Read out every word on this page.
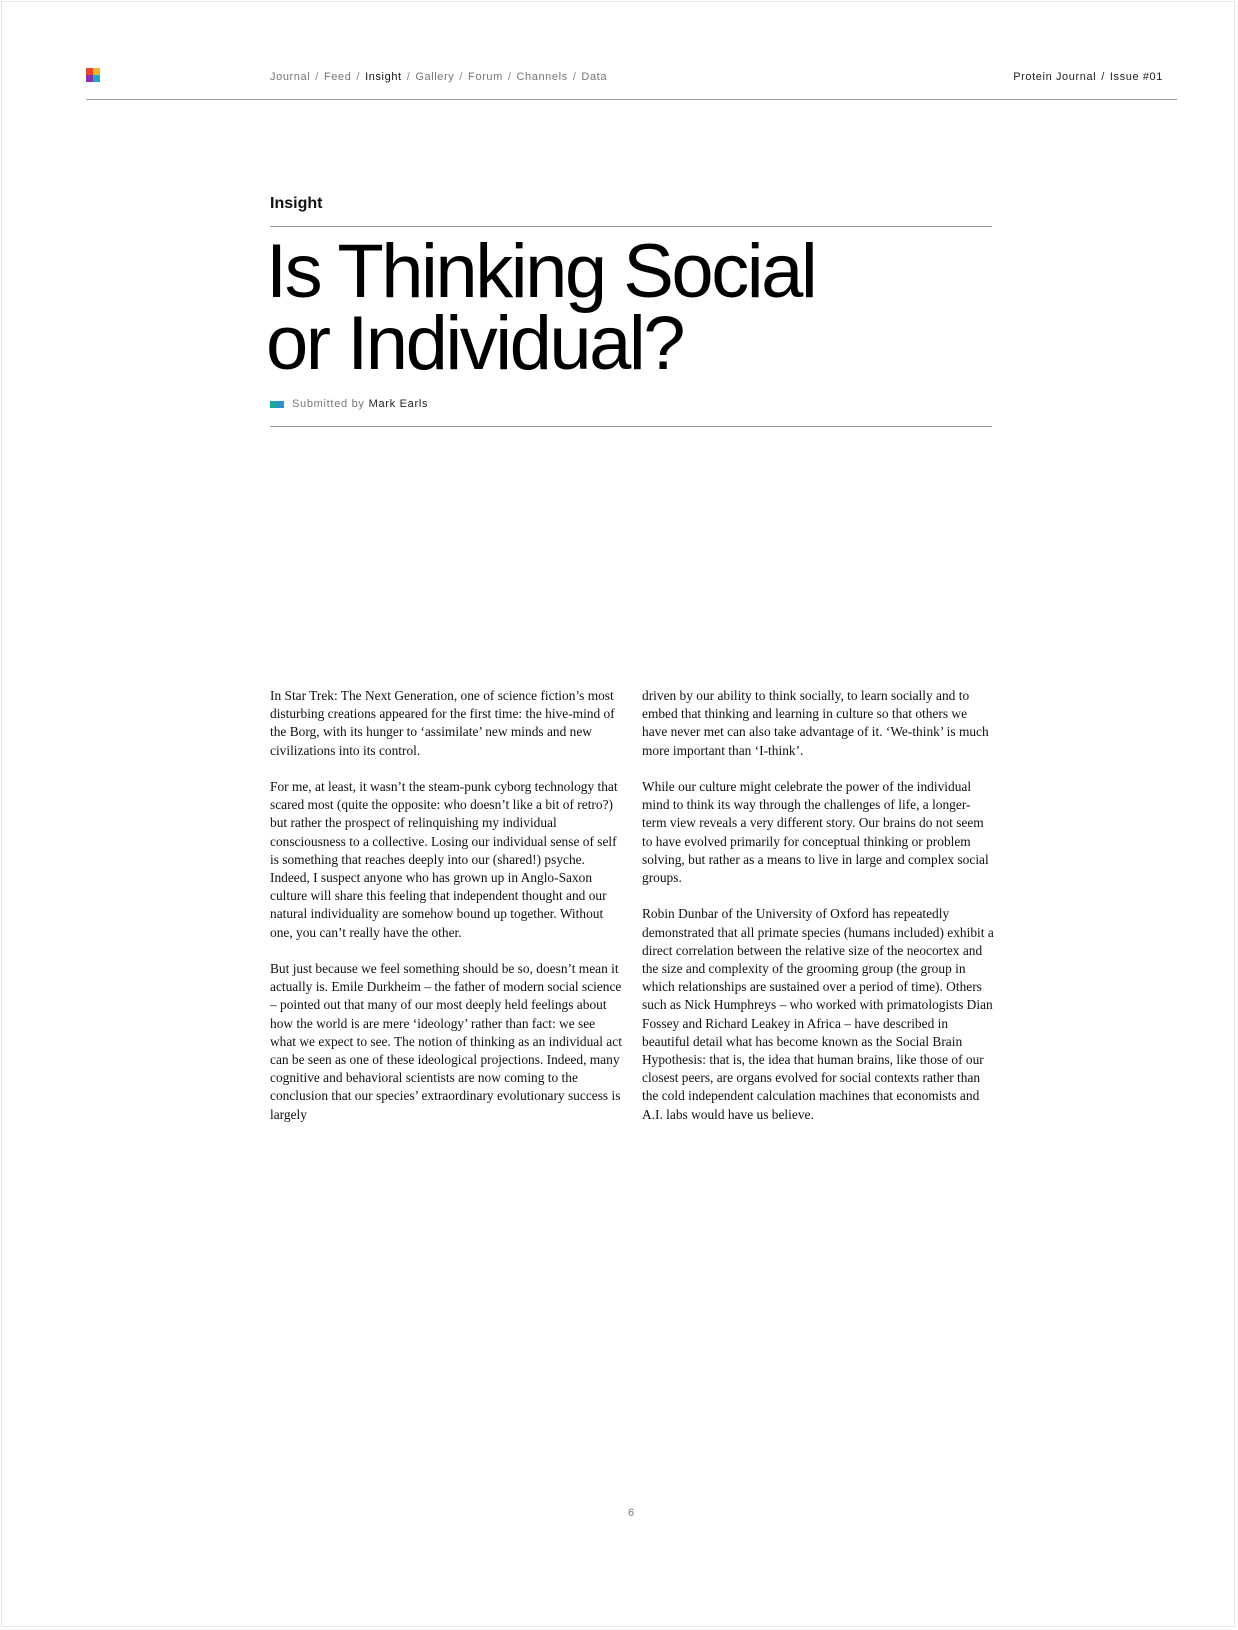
Journal / Feed / Insight / Gallery / Forum / Channels / Data	Protein Journal / Issue #01
Insight
Is Thinking Social
or Individual?
Submitted by Mark Earls

In Star Trek: The Next Generation, one of science fiction’s most disturbing creations appeared for the first time: the hive-mind of the Borg, with its hunger to ‘assimilate’ new minds and new civilizations into its control.

For me, at least, it wasn’t the steam-punk cyborg technology that scared most (quite the opposite: who doesn’t like a bit of retro?) but rather the prospect of relinquishing my individual consciousness to a collective. Losing our individual sense of self is something that reaches deeply into our (shared!) psyche. Indeed, I suspect anyone who has grown up in Anglo-Saxon culture will share this feeling that independent thought and our natural individuality are somehow bound up together. Without one, you can’t really have the other.

But just because we feel something should be so, doesn’t mean it actually is. Emile Durkheim – the father of modern social science – pointed out that many of our most deeply held feelings about how the world is are mere ‘ideology’ rather than fact: we see what we expect to see. The notion of thinking as an individual act can be seen as one of these ideological projections. Indeed, many cognitive and behavioral scientists are now coming to the conclusion that our species’ extraordinary evolutionary success is largely

driven by our ability to think socially, to learn socially and to embed that thinking and learning in culture so that others we have never met can also take advantage of it. ‘We-think’ is much more important than ‘I-think’.

While our culture might celebrate the power of the individual mind to think its way through the challenges of life, a longer-term view reveals a very different story. Our brains do not seem to have evolved primarily for conceptual thinking or problem solving, but rather as a means to live in large and complex social groups.

Robin Dunbar of the University of Oxford has repeatedly demonstrated that all primate species (humans included) exhibit a direct correlation between the relative size of the neocortex and the size and complexity of the grooming group (the group in which relationships are sustained over a period of time). Others such as Nick Humphreys – who worked with primatologists Dian Fossey and Richard Leakey in Africa – have described in beautiful detail what has become known as the Social Brain Hypothesis: that is, the idea that human brains, like those of our closest peers, are organs evolved for social contexts rather than the cold independent calculation machines that economists and A.I. labs would have us believe.

6
